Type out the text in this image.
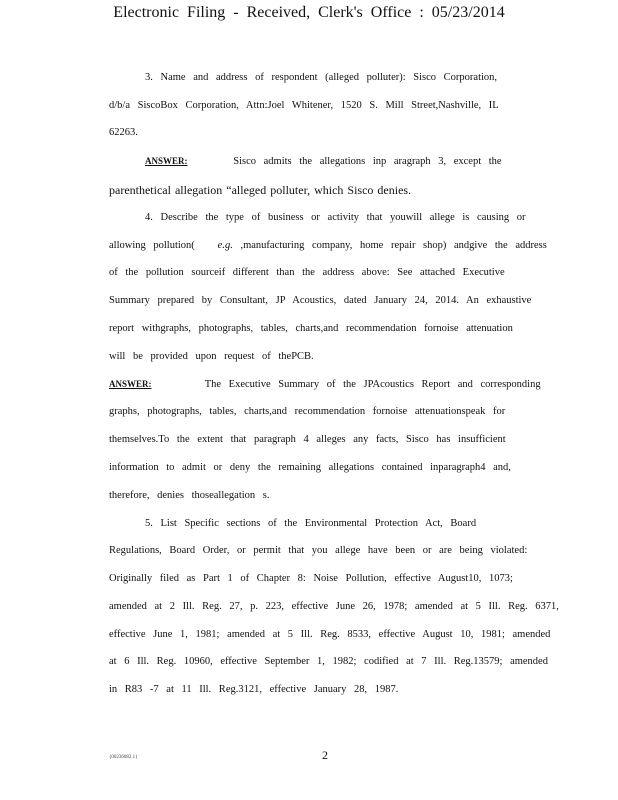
Electronic Filing - Received, Clerk's Office : 05/23/2014
3. Name and address of respondent (alleged polluter): Sisco Corporation,
d/b/a SiscoBox Corporation, Attn:Joel Whitener, 1520 S. Mill Street,Nashville, IL
62263.
ANSWER:	Sisco admits the allegations inp aragraph 3, except the
parenthetical allegation “alleged polluter, which Sisco denies.
4. Describe the type of business or activity that youwill allege is causing or
allowing pollution( e.g. ,manufacturing company, home repair shop) andgive the address
of the pollution sourceif different than the address above: See attached Executive
Summary prepared by Consultant, JP Acoustics, dated January 24, 2014. An exhaustive
report withgraphs, photographs, tables, charts,and recommendation fornoise attenuation
will be provided upon request of thePCB.
ANSWER:	The Executive Summary of the JPAcoustics Report and corresponding
graphs, photographs, tables, charts,and recommendation fornoise attenuationspeak for
themselves.To the extent that paragraph 4 alleges any facts, Sisco has insufficient
information to admit or deny the remaining allegations contained inparagraph4 and,
therefore, denies thoseallegation s.
5. List Specific sections of the Environmental Protection Act, Board
Regulations, Board Order, or permit that you allege have been or are being violated:
Originally filed as Part 1 of Chapter 8: Noise Pollution, effective August10, 1073;
amended at 2 Ill. Reg. 27, p. 223, effective June 26, 1978; amended at 5 Ill. Reg. 6371,
effective June 1, 1981; amended at 5 Ill. Reg. 8533, effective August 10, 1981; amended
at 6 Ill. Reg. 10960, effective September 1, 1982; codified at 7 Ill. Reg.13579; amended
in R83 -7 at 11 Ill. Reg.3121, effective January 28, 1987.
2
{00236082.1}
